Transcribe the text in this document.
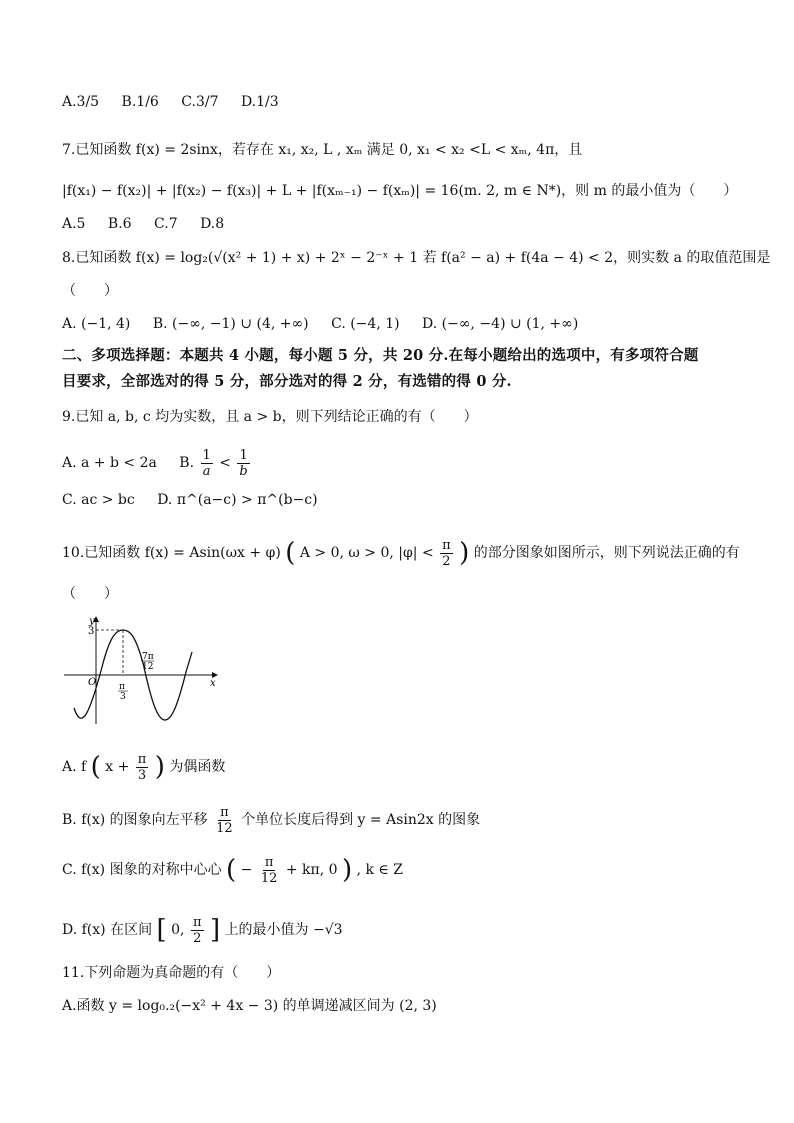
A.3/5 B.1/6 C.3/7 D.1/3
7.已知函数 f(x) = 2sinx，若存在 x₁, x₂, L , xₘ 满足 0, x₁ < x₂ <L < xₘ, 4π，且
|f(x₁) − f(x₂)| + |f(x₂) − f(x₃)| + L + |f(xₘ₋₁) − f(xₘ)| = 16(m. 2, m ∈ N*)，则 m 的最小值为（　　）
A.5 B.6 C.7 D.8
8.已知函数 f(x) = log₂(√(x² + 1) + x) + 2ˣ − 2⁻ˣ + 1 若 f(a² − a) + f(4a − 4) < 2，则实数 a 的取值范围是
（　　）
A. (−1, 4) B. (−∞, −1) ∪ (4, +∞) C. (−4, 1) D. (−∞, −4) ∪ (1, +∞)
二、多项选择题：本题共 4 小题，每小题 5 分，共 20 分.在每小题给出的选项中，有多项符合题
目要求，全部选对的得 5 分，部分选对的得 2 分，有选错的得 0 分.
9.已知 a, b, c 均为实数，且 a > b，则下列结论正确的有（　　）
A. a + b < 2a B. $\frac{1}{a} < \frac{1}{b}$
C. ac > bc D. π^(a−c) > π^(b−c)
10.已知函数 f(x) = Asin(ωx + φ) ( A > 0, ω > 0, $|\varphi| < \frac{\pi}{2}$ ) 的部分图象如图所示，则下列说法正确的有
（　　）
y
x
O
3
π
3
7π
12
A. f ( $x + \frac{\pi}{3}$ ) 为偶函数
B. f(x) 的图象向左平移 $\frac{\pi}{12}$ 个单位长度后得到 y = Asin2x 的图象
C. f(x) 图象的对称中心心 ( − $\frac{\pi}{12} + k\pi$, 0 ) , k ∈ Z
D. f(x) 在区间 [ 0, $\frac{\pi}{2}$ ] 上的最小值为 −√3
11.下列命题为真命题的有（　　）
A.函数 y = log₀.₂(−x² + 4x − 3) 的单调递减区间为 (2, 3)
